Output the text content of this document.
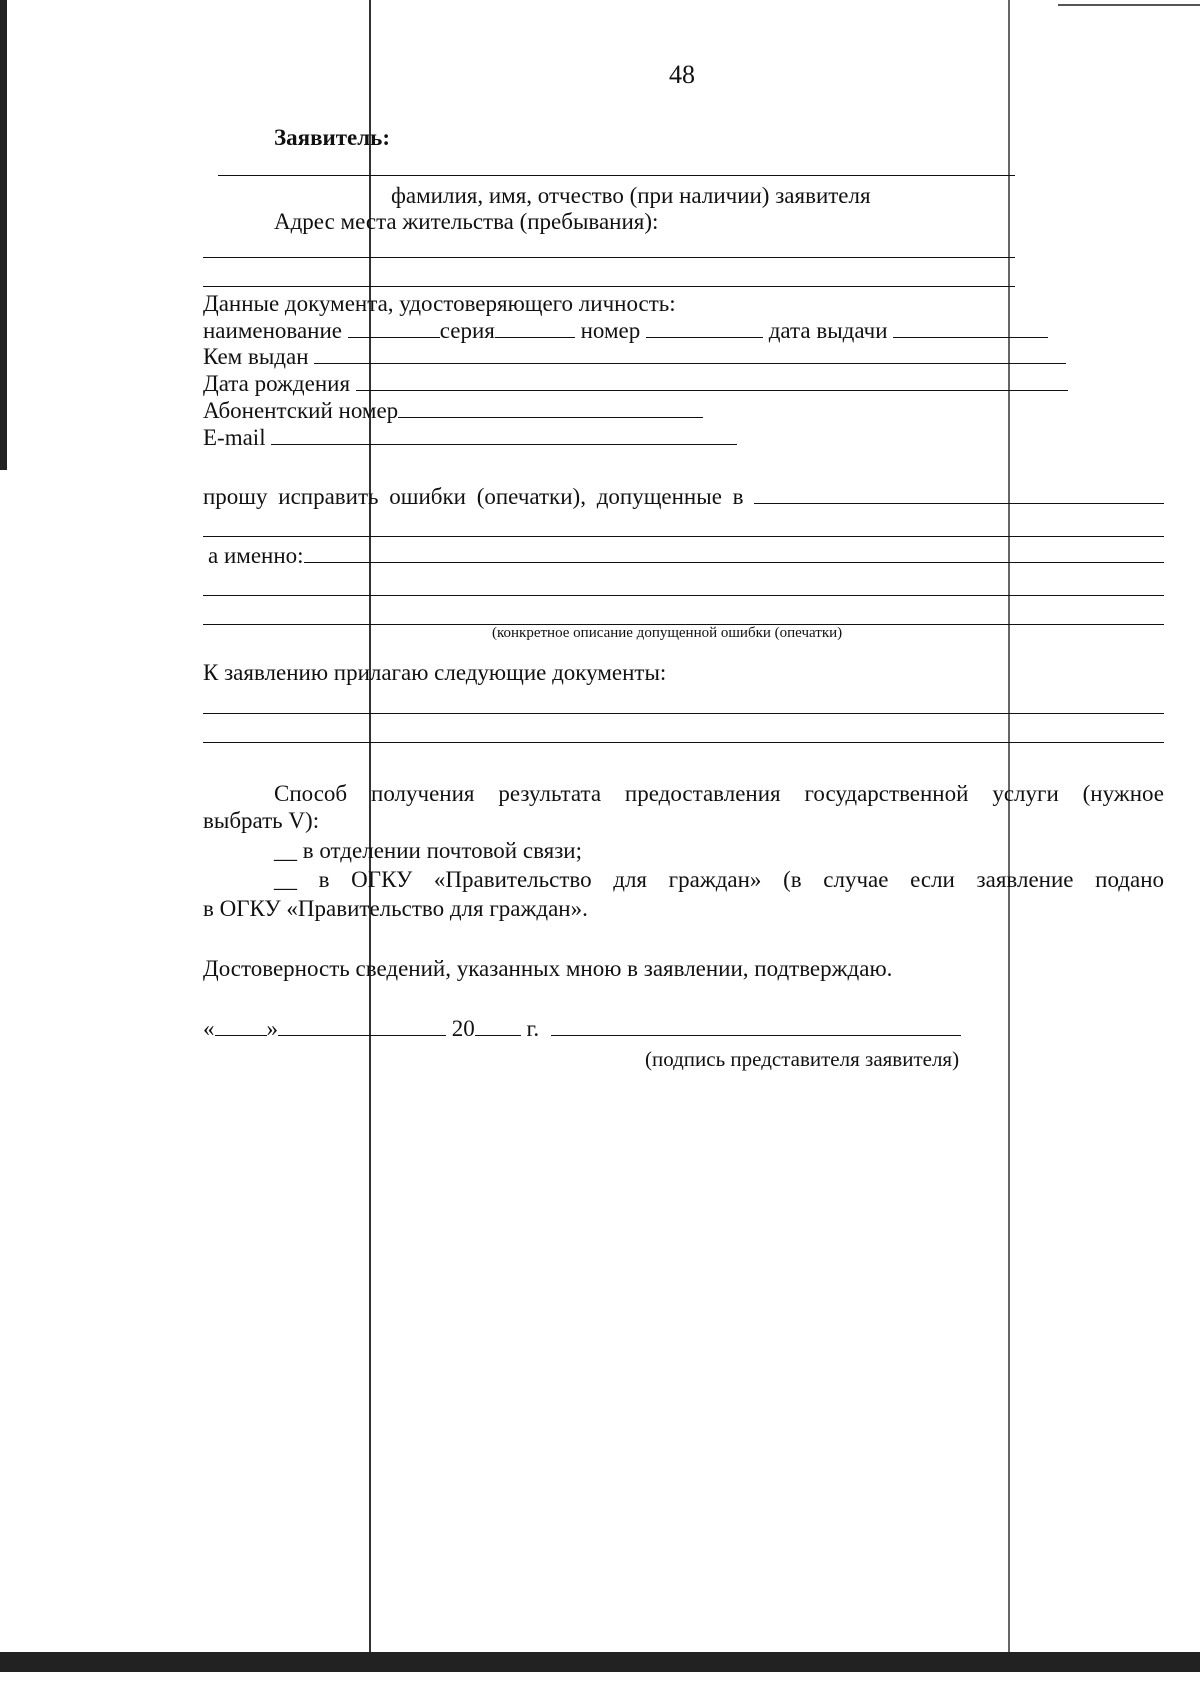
48
Заявитель:
фамилия, имя, отчество (при наличии) заявителя
Адрес места жительства (пребывания):
Данные документа, удостоверяющего личность:
наименование	серия	номер	дата выдачи
Кем выдан
Дата рождения
Абонентский номер
E-mail
прошу исправить ошибки (опечатки), допущенные в
а именно:
(конкретное описание допущенной ошибки (опечатки)
К заявлению прилагаю следующие документы:
Способ получения результата предоставления государственной услуги (нужное
выбрать V):
__ в отделении почтовой связи;
__ в ОГКУ «Правительство для граждан» (в случае если заявление подано
в ОГКУ «Правительство для граждан».
Достоверность сведений, указанных мною в заявлении, подтверждаю.
« »	20 г.
(подпись представителя заявителя)
